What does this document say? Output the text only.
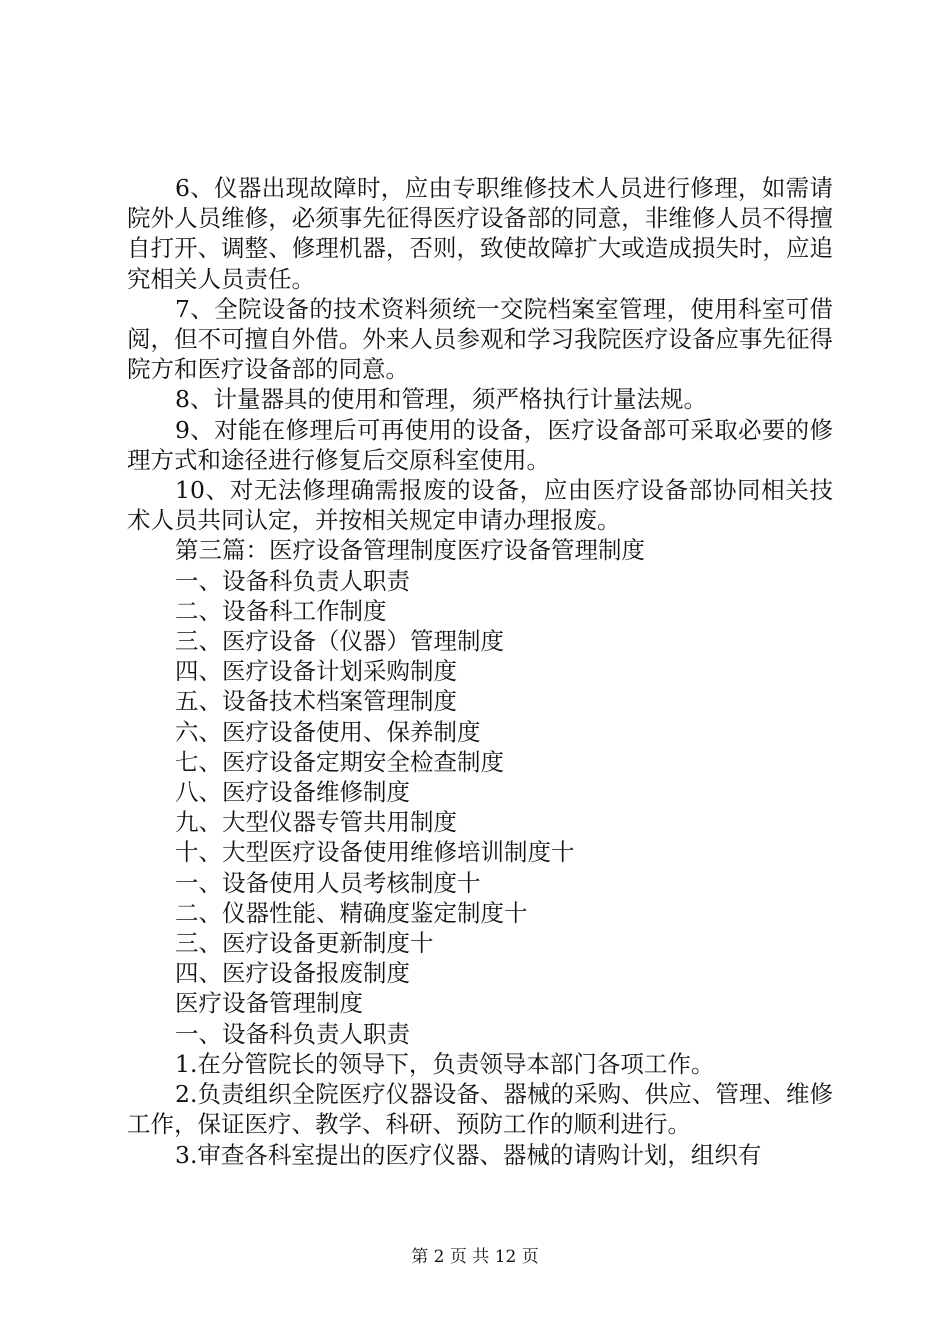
6、仪器出现故障时，应由专职维修技术人员进行修理，如需请院外人员维修，必须事先征得医疗设备部的同意，非维修人员不得擅自打开、调整、修理机器，否则，致使故障扩大或造成损失时，应追究相关人员责任。

7、全院设备的技术资料须统一交院档案室管理，使用科室可借阅，但不可擅自外借。外来人员参观和学习我院医疗设备应事先征得院方和医疗设备部的同意。

8、计量器具的使用和管理，须严格执行计量法规。

9、对能在修理后可再使用的设备，医疗设备部可采取必要的修理方式和途径进行修复后交原科室使用。

10、对无法修理确需报废的设备，应由医疗设备部协同相关技术人员共同认定，并按相关规定申请办理报废。

第三篇：医疗设备管理制度医疗设备管理制度

一、设备科负责人职责

二、设备科工作制度

三、医疗设备（仪器）管理制度

四、医疗设备计划采购制度

五、设备技术档案管理制度

六、医疗设备使用、保养制度

七、医疗设备定期安全检查制度

八、医疗设备维修制度

九、大型仪器专管共用制度

十、大型医疗设备使用维修培训制度十

一、设备使用人员考核制度十

二、仪器性能、精确度鉴定制度十

三、医疗设备更新制度十

四、医疗设备报废制度

医疗设备管理制度

一、设备科负责人职责

1.在分管院长的领导下，负责领导本部门各项工作。

2.负责组织全院医疗仪器设备、器械的采购、供应、管理、维修工作，保证医疗、教学、科研、预防工作的顺利进行。

3.审查各科室提出的医疗仪器、器械的请购计划，组织有

第 2 页 共 12 页
